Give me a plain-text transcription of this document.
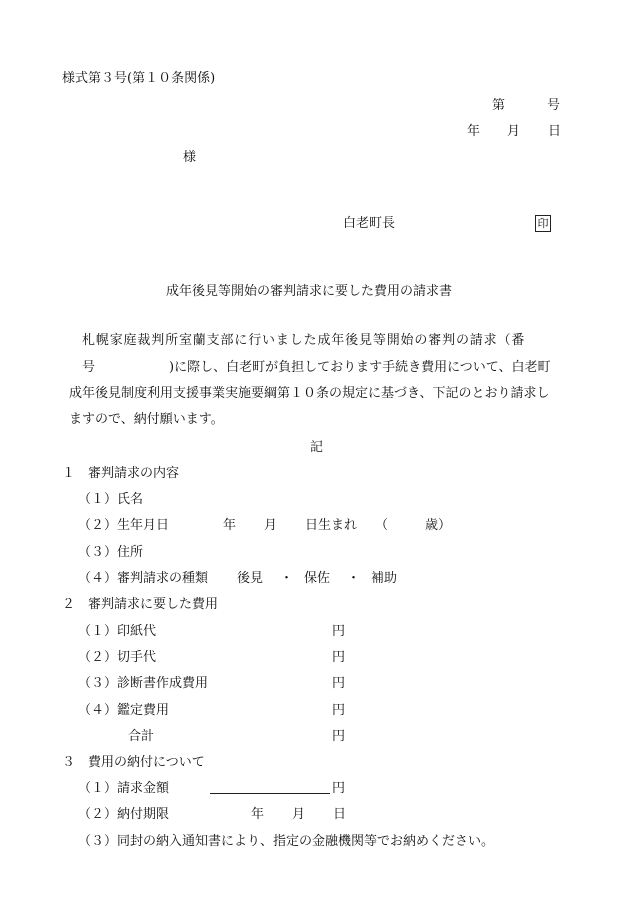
様式第３号(第１０条関係)
第	号
年 月 日
様
白老町長	印
成年後見等開始の審判請求に要した費用の請求書
札幌家庭裁判所室蘭支部に行いました成年後見等開始の審判の請求（番
号	)に際し、白老町が負担しております手続き費用について、白老町
成年後見制度利用支援事業実施要綱第１０条の規定に基づき、下記のとおり請求し
ますので、納付願います。
記
１　審判請求の内容
（１）氏名
（２）生年月日	年 月 日生まれ （	歳）
（３）住所
（４）審判請求の種類 後見 ・ 保佐 ・ 補助
２　審判請求に要した費用
（１）印紙代	円
（２）切手代	円
（３）診断書作成費用	円
（４）鑑定費用	円
合計	円
３　費用の納付について
（１）請求金額	円
（２）納付期限	年 月 日
（３）同封の納入通知書により、指定の金融機関等でお納めください。
